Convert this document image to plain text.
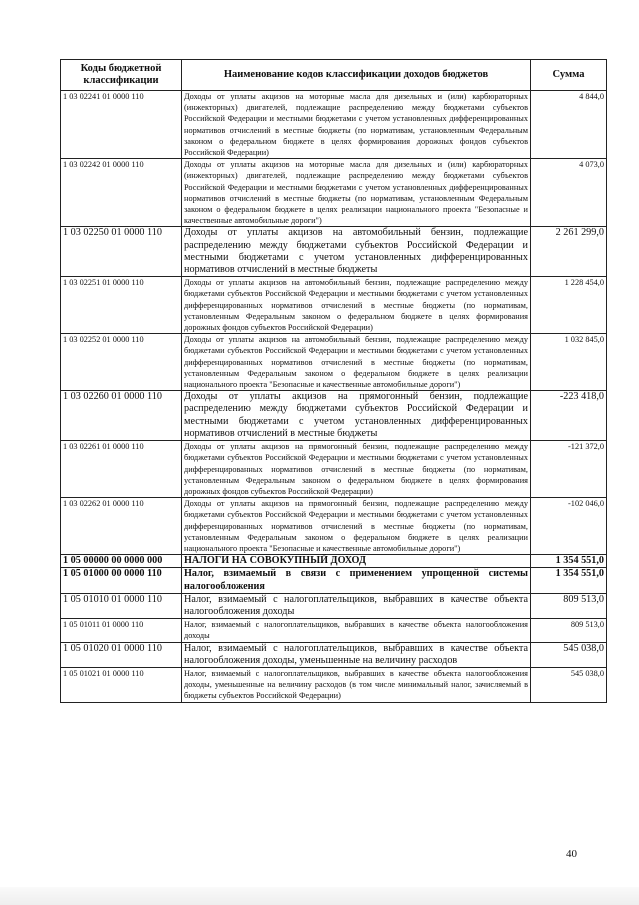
Коды бюджетной классификации	Наименование кодов классификации доходов бюджетов	Сумма
1 03 02241 01 0000 110	Доходы от уплаты акцизов на моторные масла для дизельных и (или) карбюраторных (инжекторных) двигателей, подлежащие распределению между бюджетами субъектов Российской Федерации и местными бюджетами с учетом установленных дифференцированных нормативов отчислений в местные бюджеты (по нормативам, установленным Федеральным законом о федеральном бюджете в целях формирования дорожных фондов субъектов Российской Федерации)	4 844,0
1 03 02242 01 0000 110	Доходы от уплаты акцизов на моторные масла для дизельных и (или) карбюраторных (инжекторных) двигателей, подлежащие распределению между бюджетами субъектов Российской Федерации и местными бюджетами с учетом установленных дифференцированных нормативов отчислений в местные бюджеты (по нормативам, установленным Федеральным законом о федеральном бюджете в целях реализации национального проекта "Безопасные и качественные автомобильные дороги")	4 073,0
1 03 02250 01 0000 110	Доходы от уплаты акцизов на автомобильный бензин, подлежащие распределению между бюджетами субъектов Российской Федерации и местными бюджетами с учетом установленных дифференцированных нормативов отчислений в местные бюджеты	2 261 299,0
1 03 02251 01 0000 110	Доходы от уплаты акцизов на автомобильный бензин, подлежащие распределению между бюджетами субъектов Российской Федерации и местными бюджетами с учетом установленных дифференцированных нормативов отчислений в местные бюджеты (по нормативам, установленным Федеральным законом о федеральном бюджете в целях формирования дорожных фондов субъектов Российской Федерации)	1 228 454,0
1 03 02252 01 0000 110	Доходы от уплаты акцизов на автомобильный бензин, подлежащие распределению между бюджетами субъектов Российской Федерации и местными бюджетами с учетом установленных дифференцированных нормативов отчислений в местные бюджеты (по нормативам, установленным Федеральным законом о федеральном бюджете в целях реализации национального проекта "Безопасные и качественные автомобильные дороги")	1 032 845,0
1 03 02260 01 0000 110	Доходы от уплаты акцизов на прямогонный бензин, подлежащие распределению между бюджетами субъектов Российской Федерации и местными бюджетами с учетом установленных дифференцированных нормативов отчислений в местные бюджеты	-223 418,0
1 03 02261 01 0000 110	Доходы от уплаты акцизов на прямогонный бензин, подлежащие распределению между бюджетами субъектов Российской Федерации и местными бюджетами с учетом установленных дифференцированных нормативов отчислений в местные бюджеты (по нормативам, установленным Федеральным законом о федеральном бюджете в целях формирования дорожных фондов субъектов Российской Федерации)	-121 372,0
1 03 02262 01 0000 110	Доходы от уплаты акцизов на прямогонный бензин, подлежащие распределению между бюджетами субъектов Российской Федерации и местными бюджетами с учетом установленных дифференцированных нормативов отчислений в местные бюджеты (по нормативам, установленным Федеральным законом о федеральном бюджете в целях реализации национального проекта "Безопасные и качественные автомобильные дороги")	-102 046,0
1 05 00000 00 0000 000	НАЛОГИ НА СОВОКУПНЫЙ ДОХОД	1 354 551,0
1 05 01000 00 0000 110	Налог, взимаемый в связи с применением упрощенной системы налогообложения	1 354 551,0
1 05 01010 01 0000 110	Налог, взимаемый с налогоплательщиков, выбравших в качестве объекта налогообложения доходы	809 513,0
1 05 01011 01 0000 110	Налог, взимаемый с налогоплательщиков, выбравших в качестве объекта налогообложения доходы	809 513,0
1 05 01020 01 0000 110	Налог, взимаемый с налогоплательщиков, выбравших в качестве объекта налогообложения доходы, уменьшенные на величину расходов	545 038,0
1 05 01021 01 0000 110	Налог, взимаемый с налогоплательщиков, выбравших в качестве объекта налогообложения доходы, уменьшенные на величину расходов (в том числе минимальный налог, зачисляемый в бюджеты субъектов Российской Федерации)	545 038,0
40
